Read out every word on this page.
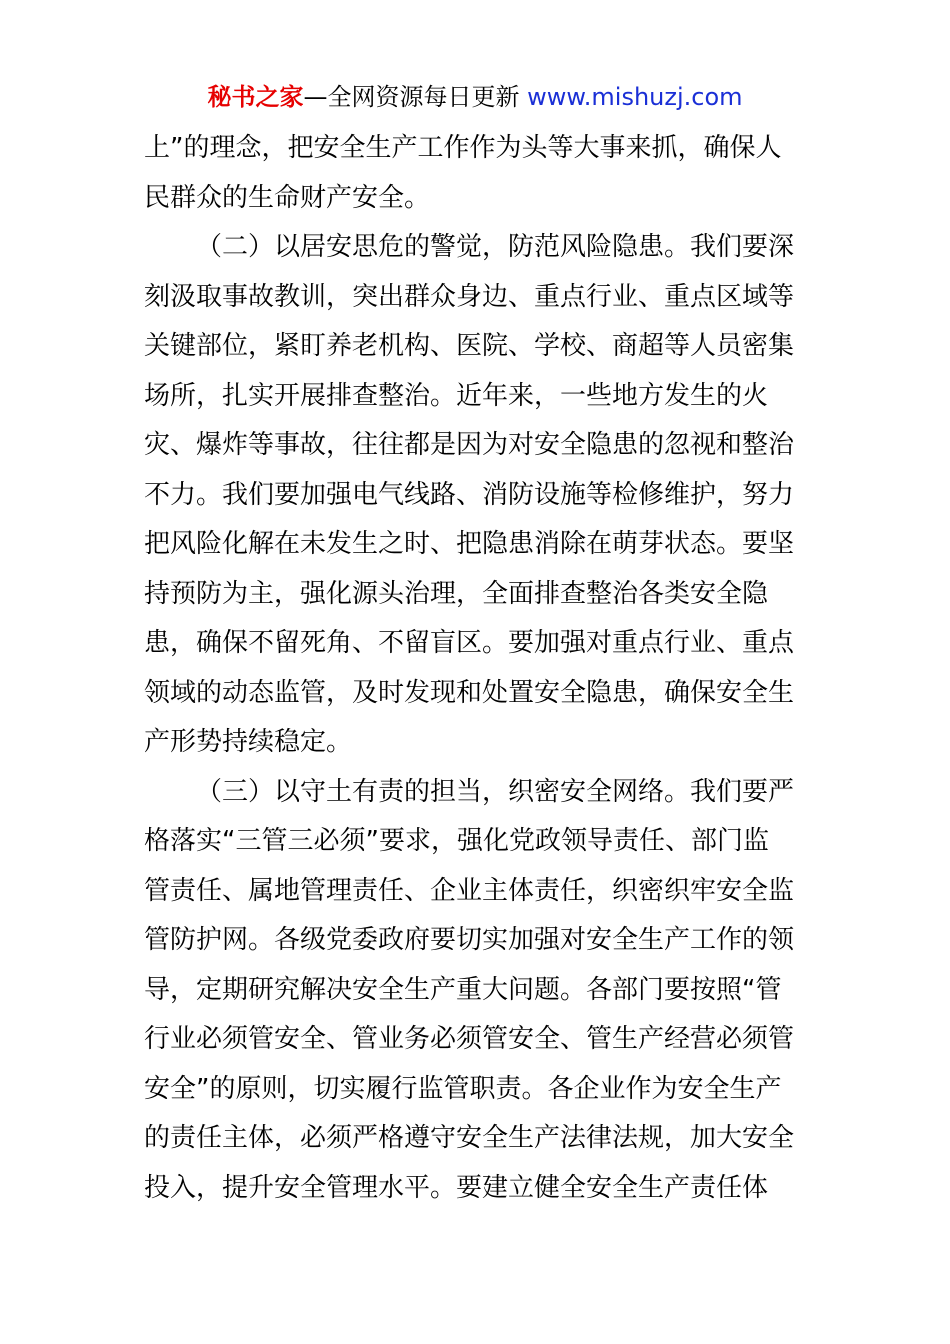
秘书之家—全网资源每日更新 www.mishuzj.com
上”的理念，把安全生产工作作为头等大事来抓，确保人
民群众的生命财产安全。
（二）以居安思危的警觉，防范风险隐患。我们要深
刻汲取事故教训，突出群众身边、重点行业、重点区域等
关键部位，紧盯养老机构、医院、学校、商超等人员密集
场所，扎实开展排查整治。近年来，一些地方发生的火
灾、爆炸等事故，往往都是因为对安全隐患的忽视和整治
不力。我们要加强电气线路、消防设施等检修维护，努力
把风险化解在未发生之时、把隐患消除在萌芽状态。要坚
持预防为主，强化源头治理，全面排查整治各类安全隐
患，确保不留死角、不留盲区。要加强对重点行业、重点
领域的动态监管，及时发现和处置安全隐患，确保安全生
产形势持续稳定。
（三）以守土有责的担当，织密安全网络。我们要严
格落实“三管三必须”要求，强化党政领导责任、部门监
管责任、属地管理责任、企业主体责任，织密织牢安全监
管防护网。各级党委政府要切实加强对安全生产工作的领
导，定期研究解决安全生产重大问题。各部门要按照“管
行业必须管安全、管业务必须管安全、管生产经营必须管
安全”的原则，切实履行监管职责。各企业作为安全生产
的责任主体，必须严格遵守安全生产法律法规，加大安全
投入，提升安全管理水平。要建立健全安全生产责任体
